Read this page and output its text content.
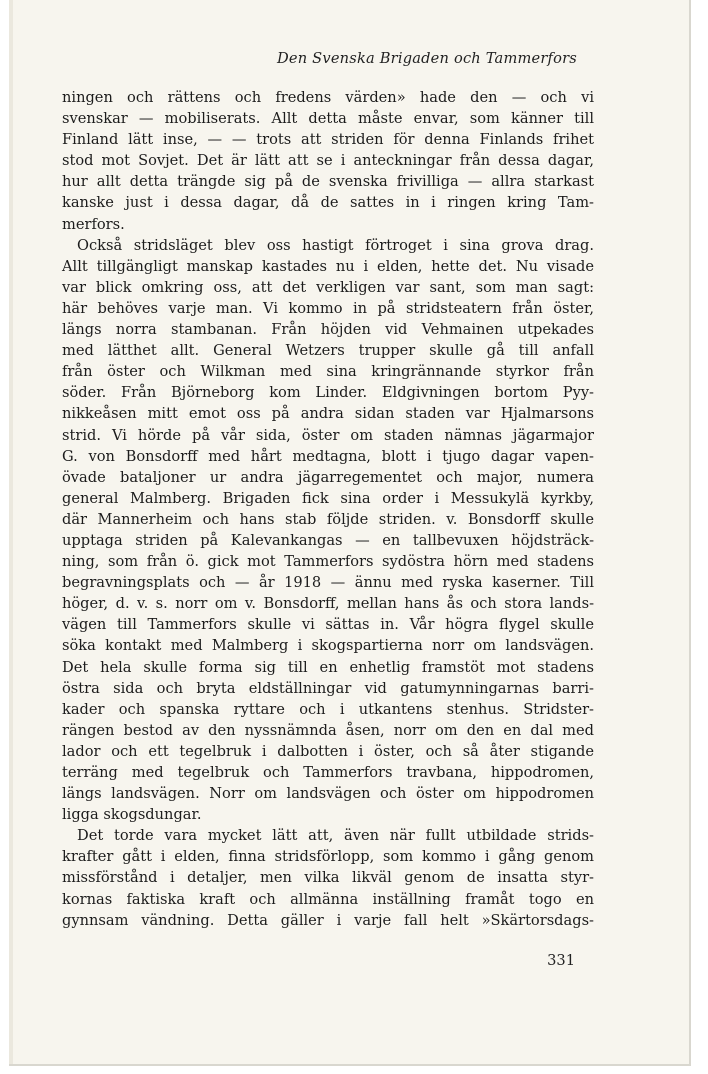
Den Svenska Brigaden och Tammerfors
ningen och rättens och fredens värden» hade den — och vi
svenskar — mobiliserats. Allt detta måste envar, som känner till
Finland lätt inse, — — trots att striden för denna Finlands frihet
stod mot Sovjet. Det är lätt att se i anteckningar från dessa dagar,
hur allt detta trängde sig på de svenska frivilliga — allra starkast
kanske just i dessa dagar, då de sattes in i ringen kring Tam-
merfors.
Också stridsläget blev oss hastigt förtroget i sina grova drag.
Allt tillgängligt manskap kastades nu i elden, hette det. Nu visade
var blick omkring oss, att det verkligen var sant, som man sagt:
här behöves varje man. Vi kommo in på stridsteatern från öster,
längs norra stambanan. Från höjden vid Vehmainen utpekades
med lätthet allt. General Wetzers trupper skulle gå till anfall
från öster och Wilkman med sina kringrännande styrkor från
söder. Från Björneborg kom Linder. Eldgivningen bortom Pyy-
nikkeåsen mitt emot oss på andra sidan staden var Hjalmarsons
strid. Vi hörde på vår sida, öster om staden nämnas jägarmajor
G. von Bonsdorff med hårt medtagna, blott i tjugo dagar vapen-
övade bataljoner ur andra jägarregementet och major, numera
general Malmberg. Brigaden fick sina order i Messukylä kyrkby,
där Mannerheim och hans stab följde striden. v. Bonsdorff skulle
upptaga striden på Kalevankangas — en tallbevuxen höjdsträck-
ning, som från ö. gick mot Tammerfors sydöstra hörn med stadens
begravningsplats och — år 1918 — ännu med ryska kaserner. Till
höger, d. v. s. norr om v. Bonsdorff, mellan hans ås och stora lands-
vägen till Tammerfors skulle vi sättas in. Vår högra flygel skulle
söka kontakt med Malmberg i skogspartierna norr om landsvägen.
Det hela skulle forma sig till en enhetlig framstöt mot stadens
östra sida och bryta eldställningar vid gatumynningarnas barri-
kader och spanska ryttare och i utkantens stenhus. Stridster-
rängen bestod av den nyssnämnda åsen, norr om den en dal med
lador och ett tegelbruk i dalbotten i öster, och så åter stigande
terräng med tegelbruk och Tammerfors travbana, hippodromen,
längs landsvägen. Norr om landsvägen och öster om hippodromen
ligga skogsdungar.
Det torde vara mycket lätt att, även när fullt utbildade strids-
krafter gått i elden, finna stridsförlopp, som kommo i gång genom
missförstånd i detaljer, men vilka likväl genom de insatta styr-
kornas faktiska kraft och allmänna inställning framåt togo en
gynnsam vändning. Detta gäller i varje fall helt »Skärtorsdags-
331
